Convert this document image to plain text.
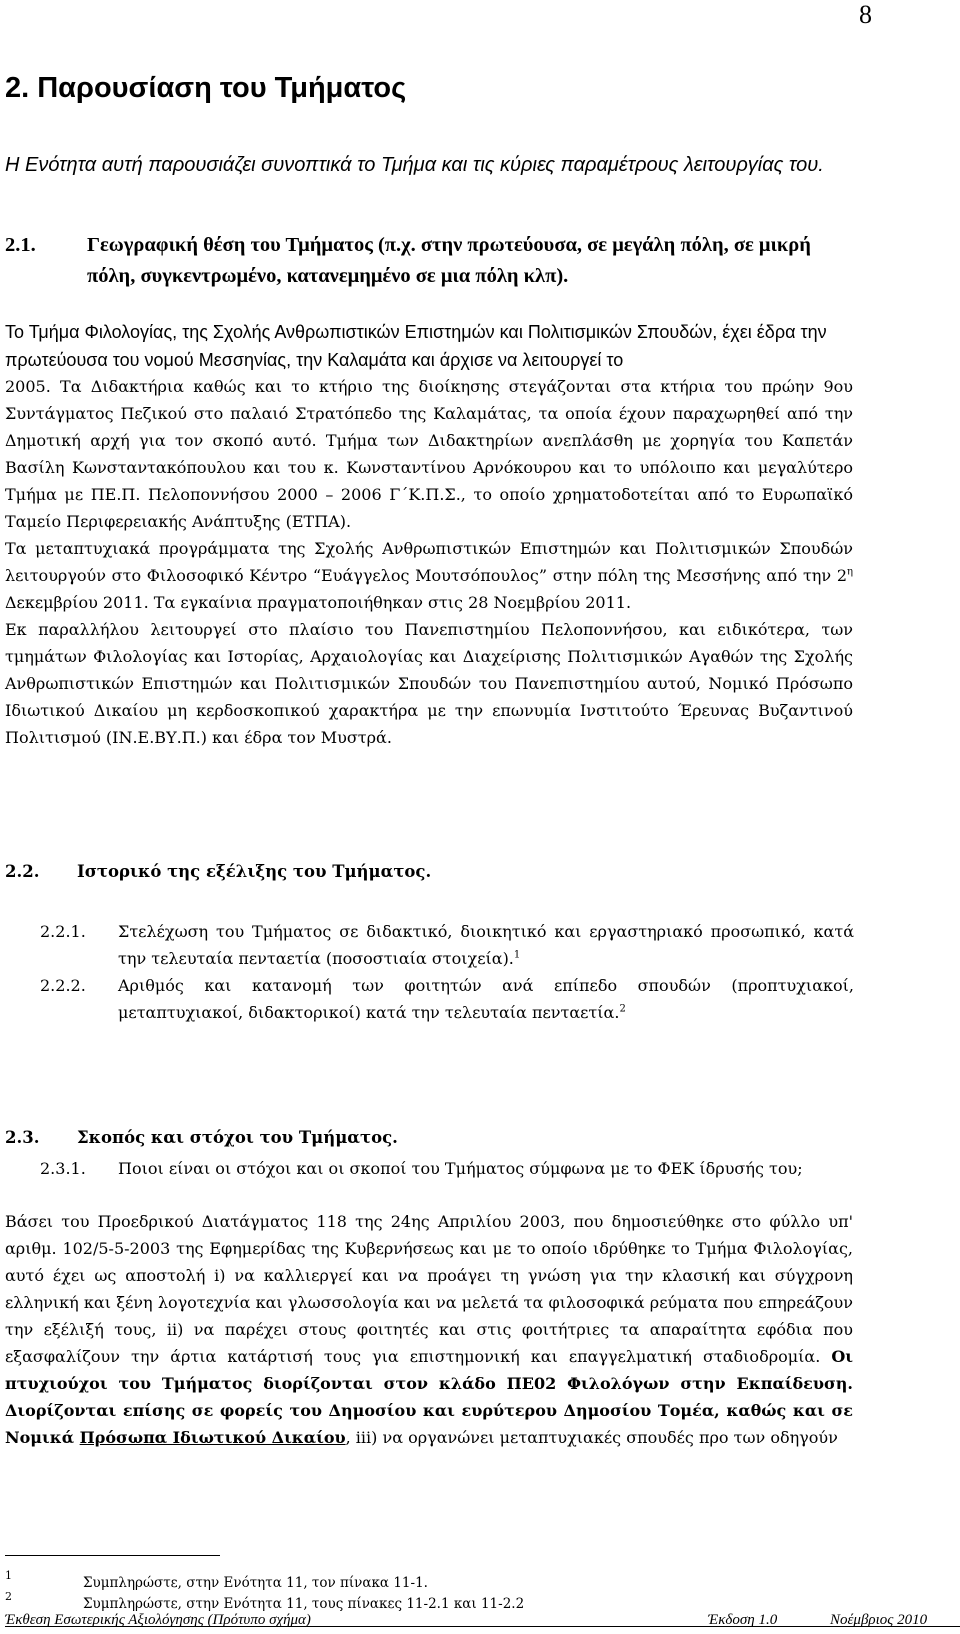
8
2. Παρουσίαση του Τμήματος
Η Ενότητα αυτή παρουσιάζει συνοπτικά το Τμήμα και τις κύριες παραμέτρους λειτουργίας του.
2.1.	Γεωγραφική θέση του Τμήματος (π.χ. στην πρωτεύουσα, σε μεγάλη πόλη, σε μικρή πόλη, συγκεντρωμένο, κατανεμημένο σε μια πόλη κλπ).
Το Τμήμα Φιλολογίας, της Σχολής Ανθρωπιστικών Επιστημών και Πολιτισμικών Σπουδών, έχει έδρα την πρωτεύουσα του νομού Μεσσηνίας, την Καλαμάτα και άρχισε να λειτουργεί το

2005. Τα Διδακτήρια καθώς και το κτήριο της διοίκησης στεγάζονται στα κτήρια του πρώην 9ου Συντάγματος Πεζικού στο παλαιό Στρατόπεδο της Καλαμάτας, τα οποία έχουν παραχωρηθεί από την Δημοτική αρχή για τον σκοπό αυτό. Τμήμα των Διδακτηρίων ανεπλάσθη με χορηγία του Καπετάν Βασίλη Κωνσταντακόπουλου και του κ. Κωνσταντίνου Αρνόκουρου και το υπόλοιπο και μεγαλύτερο Τμήμα με ΠΕ.Π. Πελοποννήσου 2000 – 2006 Γ΄Κ.Π.Σ., το οποίο χρηματοδοτείται από το Ευρωπαϊκό Ταμείο Περιφερειακής Ανάπτυξης (ΕΤΠΑ).

Τα μεταπτυχιακά προγράμματα της Σχολής Ανθρωπιστικών Επιστημών και Πολιτισμικών Σπουδών λειτουργούν στο Φιλοσοφικό Κέντρο “Ευάγγελος Μουτσόπουλος” στην πόλη της Μεσσήνης από την $2^\eta$ Δεκεμβρίου 2011. Τα εγκαίνια πραγματοποιήθηκαν στις 28 Νοεμβρίου 2011.

Εκ παραλλήλου λειτουργεί στο πλαίσιο του Πανεπιστημίου Πελοποννήσου, και ειδικότερα, των τμημάτων Φιλολογίας και Ιστορίας, Αρχαιολογίας και Διαχείρισης Πολιτισμικών Αγαθών της Σχολής Ανθρωπιστικών Επιστημών και Πολιτισμικών Σπουδών του Πανεπιστημίου αυτού, Νομικό Πρόσωπο Ιδιωτικού Δικαίου μη κερδοσκοπικού χαρακτήρα με την επωνυμία Ινστιτούτο Έρευνας Βυζαντινού Πολιτισμού (ΙΝ.Ε.ΒΥ.Π.) και έδρα τον Μυστρά.

2.2. Ιστορικό της εξέλιξης του Τμήματος.
2.2.1. Στελέχωση του Τμήματος σε διδακτικό, διοικητικό και εργαστηριακό προσωπικό, κατά την τελευταία πενταετία (ποσοστιαία στοιχεία).$^1$
2.2.2. Αριθμός και κατανομή των φοιτητών ανά επίπεδο σπουδών (προπτυχιακοί, μεταπτυχιακοί, διδακτορικοί) κατά την τελευταία πενταετία.$^2$
2.3. Σκοπός και στόχοι του Τμήματος.
2.3.1. Ποιοι είναι οι στόχοι και οι σκοποί του Τμήματος σύμφωνα με το ΦΕΚ ίδρυσής του;
Βάσει του Προεδρικού Διατάγματος 118 της 24ης Απριλίου 2003, που δημοσιεύθηκε στο φύλλο υπ' αριθμ. 102/5-5-2003 της Εφημερίδας της Κυβερνήσεως και με το οποίο ιδρύθηκε το Τμήμα Φιλολογίας, αυτό έχει ως αποστολή i) να καλλιεργεί και να προάγει τη γνώση για την κλασική και σύγχρονη ελληνική και ξένη λογοτεχνία και γλωσσολογία και να μελετά τα φιλοσοφικά ρεύματα που επηρεάζουν την εξέλιξή τους, ii) να παρέχει στους φοιτητές και στις φοιτήτριες τα απαραίτητα εφόδια που εξασφαλίζουν την άρτια κατάρτισή τους για επιστημονική και επαγγελματική σταδιοδρομία. Οι πτυχιούχοι του Τμήματος διορίζονται στον κλάδο ΠΕ02 Φιλολόγων στην Εκπαίδευση. Διορίζονται επίσης σε φορείς του Δημοσίου και ευρύτερου Δημοσίου Τομέα, καθώς και σε Νομικά Πρόσωπα Ιδιωτικού Δικαίου, iii) να οργανώνει μεταπτυχιακές σπουδές προ των οδηγούν
1	Συμπληρώστε, στην Ενότητα 11, τον πίνακα 11-1.
2	Συμπληρώστε, στην Ενότητα 11, τους πίνακες 11-2.1 και 11-2.2
Έκθεση Εσωτερικής Αξιολόγησης (Πρότυπο σχήμα)	Έκδοση 1.0	Νοέμβριος 2010
